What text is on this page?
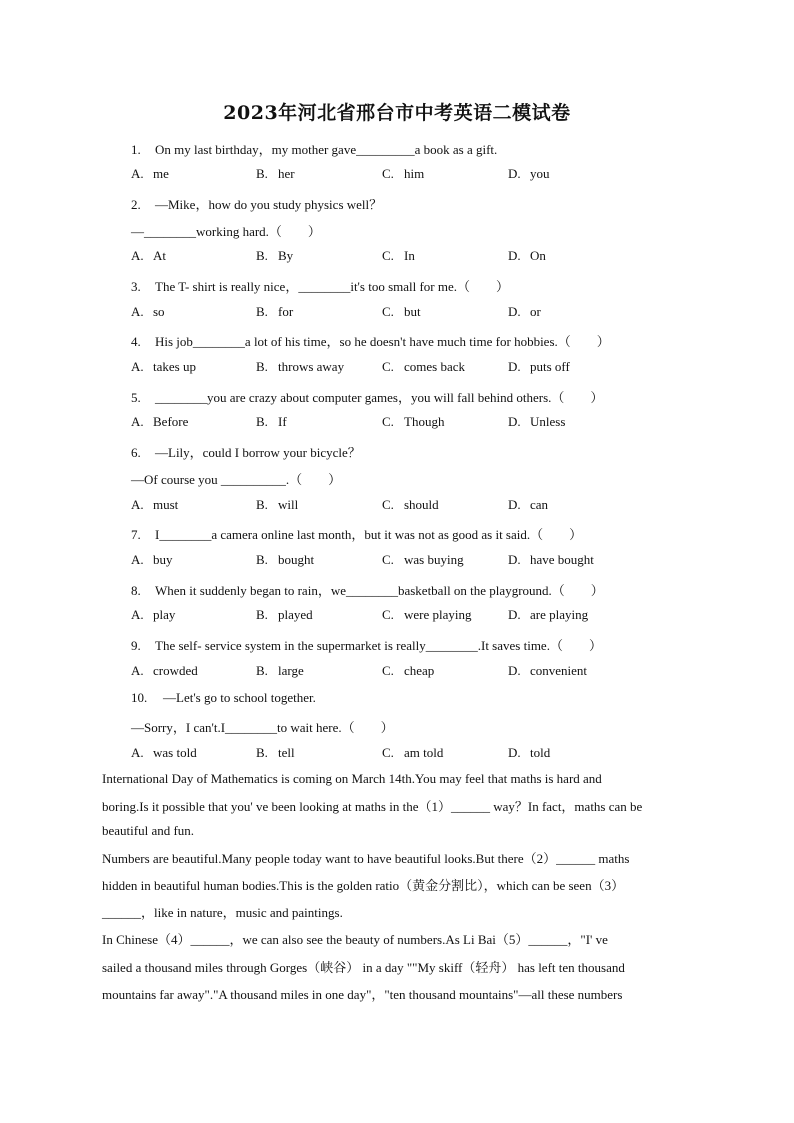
2023年河北省邢台市中考英语二模试卷
1. On my last birthday，my mother gave_________a book as a gift.
A. me	B. her	C. him	D. you
2. —Mike，how do you study physics well？
—________working hard.（　　）
A. At	B. By	C. In	D. On
3. The T- shirt is really nice，________it's too small for me.（　　）
A. so	B. for	C. but	D. or
4. His job________a lot of his time，so he doesn't have much time for hobbies.（　　）
A. takes up	B. throws away	C. comes back	D. puts off
5. ________you are crazy about computer games，you will fall behind others.（　　）
A. Before	B. If	C. Though	D. Unless
6. —Lily，could I borrow your bicycle？
—Of course you __________.（　　）
A. must	B. will	C. should	D. can
7. I________a camera online last month，but it was not as good as it said.（　　）
A. buy	B. bought	C. was buying	D. have bought
8. When it suddenly began to rain，we________basketball on the playground.（　　）
A. play	B. played	C. were playing	D. are playing
9. The self- service system in the supermarket is really________.It saves time.（　　）
A. crowded	B. large	C. cheap	D. convenient
10. —Let's go to school together.
—Sorry，I can't.I________to wait here.（　　）
A. was told	B. tell	C. am told	D. told
International Day of Mathematics is coming on March 14th.You may feel that maths is hard and
boring.Is it possible that you' ve been looking at maths in the（1）______ way？In fact，maths can be
beautiful and fun.
Numbers are beautiful.Many people today want to have beautiful looks.But there（2）______ maths
hidden in beautiful human bodies.This is the golden ratio（黄金分割比），which can be seen（3）
______，like in nature，music and paintings.
In Chinese（4）______，we can also see the beauty of numbers.As Li Bai（5）______，"I' ve
sailed a thousand miles through Gorges（峡谷） in a day ""My skiff（轻舟） has left ten thousand
mountains far away"."A thousand miles in one day"，"ten thousand mountains"—all these numbers
